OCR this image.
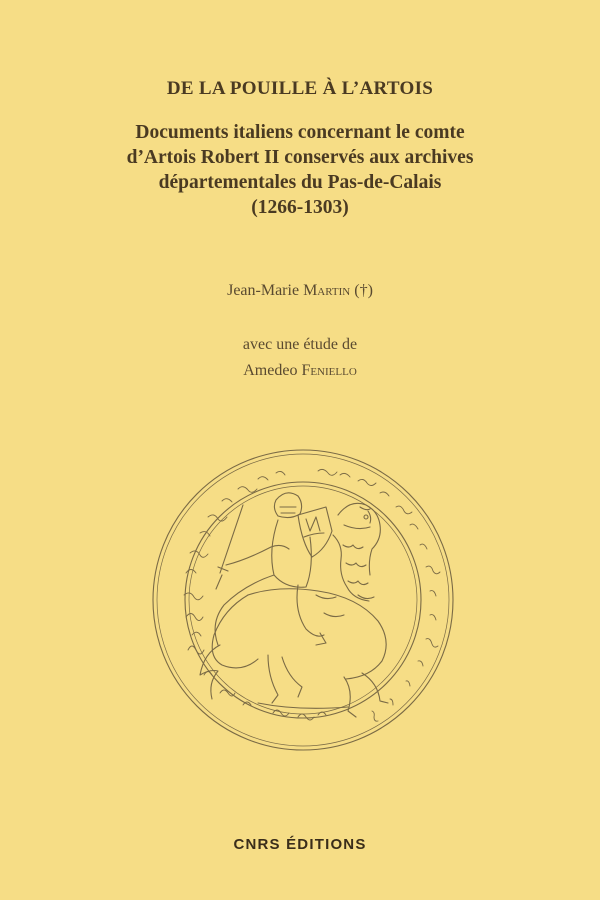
DE LA POUILLE À L’ARTOIS
Documents italiens concernant le comte
d’Artois Robert II conservés aux archives
départementales du Pas-de-Calais
(1266-1303)
Jean-Marie Martin (†)
avec une étude de
Amedeo Feniello
CNRS ÉDITIONS
